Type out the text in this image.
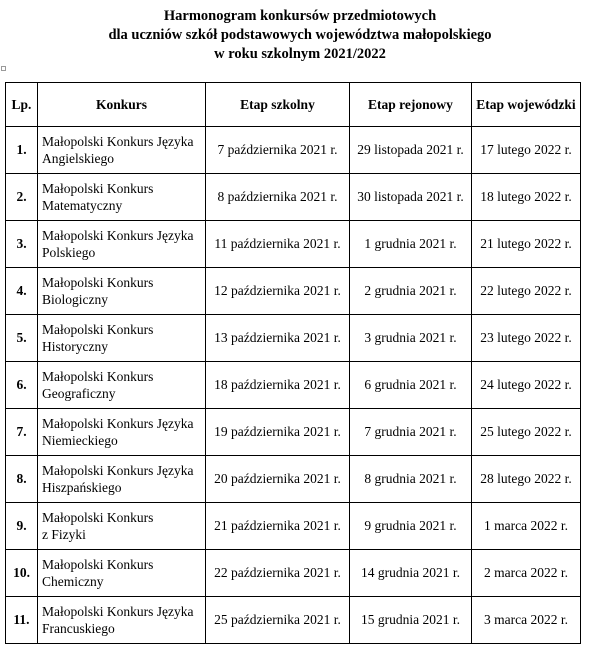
Harmonogram konkursów przedmiotowych
dla uczniów szkół podstawowych województwa małopolskiego
w roku szkolnym 2021/2022
Lp.	Konkurs	Etap szkolny	Etap rejonowy	Etap wojewódzki
1.	Małopolski Konkurs Języka
Angielskiego	7 października 2021 r.	29 listopada 2021 r.	17 lutego 2022 r.
2.	Małopolski Konkurs
Matematyczny	8 października 2021 r.	30 listopada 2021 r.	18 lutego 2022 r.
3.	Małopolski Konkurs Języka
Polskiego	11 października 2021 r.	1 grudnia 2021 r.	21 lutego 2022 r.
4.	Małopolski Konkurs
Biologiczny	12 października 2021 r.	2 grudnia 2021 r.	22 lutego 2022 r.
5.	Małopolski Konkurs
Historyczny	13 października 2021 r.	3 grudnia 2021 r.	23 lutego 2022 r.
6.	Małopolski Konkurs
Geograficzny	18 października 2021 r.	6 grudnia 2021 r.	24 lutego 2022 r.
7.	Małopolski Konkurs Języka
Niemieckiego	19 października 2021 r.	7 grudnia 2021 r.	25 lutego 2022 r.
8.	Małopolski Konkurs Języka
Hiszpańskiego	20 października 2021 r.	8 grudnia 2021 r.	28 lutego 2022 r.
9.	Małopolski Konkurs
z Fizyki	21 października 2021 r.	9 grudnia 2021 r.	1 marca 2022 r.
10.	Małopolski Konkurs
Chemiczny	22 października 2021 r.	14 grudnia 2021 r.	2 marca 2022 r.
11.	Małopolski Konkurs Języka
Francuskiego	25 października 2021 r.	15 grudnia 2021 r.	3 marca 2022 r.
